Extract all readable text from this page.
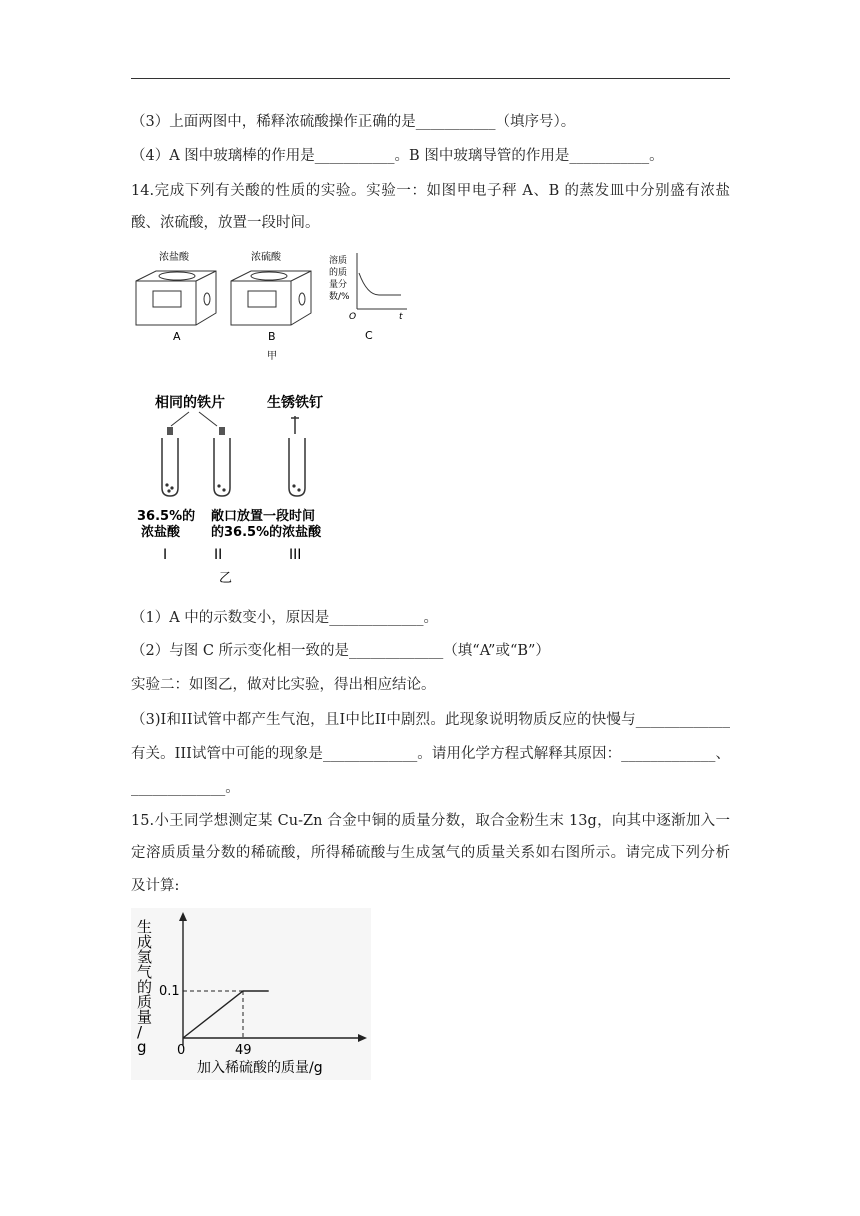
（3）上面两图中，稀释浓硫酸操作正确的是___________（填序号）。
（4）A 图中玻璃棒的作用是___________。B 图中玻璃导管的作用是___________。
14.完成下列有关酸的性质的实验。实验一：如图甲电子秤 A、B 的蒸发皿中分别盛有浓盐
酸、浓硫酸，放置一段时间。
浓盐酸
A
浓硫酸
B
溶质
的质
量分
数/%
O	t
C
甲
相同的铁片	生锈铁钉
36.5%的
浓盐酸
敞口放置一段时间
的36.5%的浓盐酸
I	II	III
乙
（1）A 中的示数变小，原因是_____________。
（2）与图 C 所示变化相一致的是_____________（填“A”或“B”）
实验二：如图乙，做对比实验，得出相应结论。
（3)I和II试管中都产生气泡，且I中比II中剧烈。此现象说明物质反应的快慢与_____________
有关。III试管中可能的现象是_____________。请用化学方程式解释其原因：_____________、
_____________。
15.小王同学想测定某 Cu-Zn 合金中铜的质量分数，取合金粉生末 13g，向其中逐渐加入一
定溶质质量分数的稀硫酸，所得稀硫酸与生成氢气的质量关系如右图所示。请完成下列分析
及计算:
生
成
氢
气
的
质
量
/
g 0	49
0.1
加入稀硫酸的质量/g
